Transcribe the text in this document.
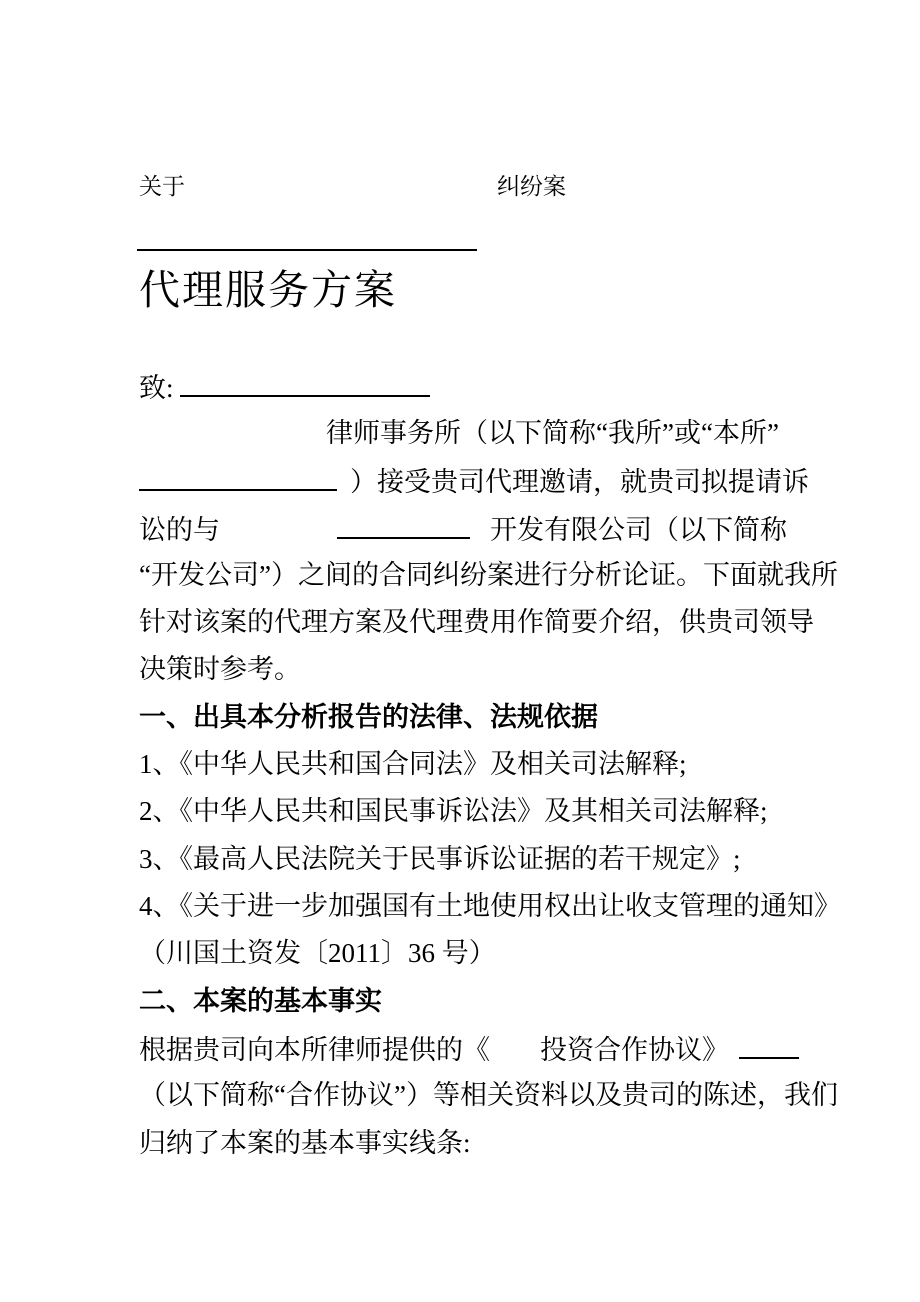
关于	纠纷案
代理服务方案
致:
律师事务所（以下简称“我所”或“本所”
）接受贵司代理邀请，就贵司拟提请诉
讼的与	开发有限公司（以下简称
“开发公司”）之间的合同纠纷案进行分析论证。下面就我所
针对该案的代理方案及代理费用作简要介绍，供贵司领导
决策时参考。
一、出具本分析报告的法律、法规依据
1、《中华人民共和国合同法》及相关司法解释;
2、《中华人民共和国民事诉讼法》及其相关司法解释;
3、《最高人民法院关于民事诉讼证据的若干规定》;
4、《关于进一步加强国有土地使用权出让收支管理的通知》
（川国土资发〔2011〕36 号）
二、本案的基本事实
根据贵司向本所律师提供的《 投资合作协议》
（以下简称“合作协议”）等相关资料以及贵司的陈述，我们
归纳了本案的基本事实线条:
